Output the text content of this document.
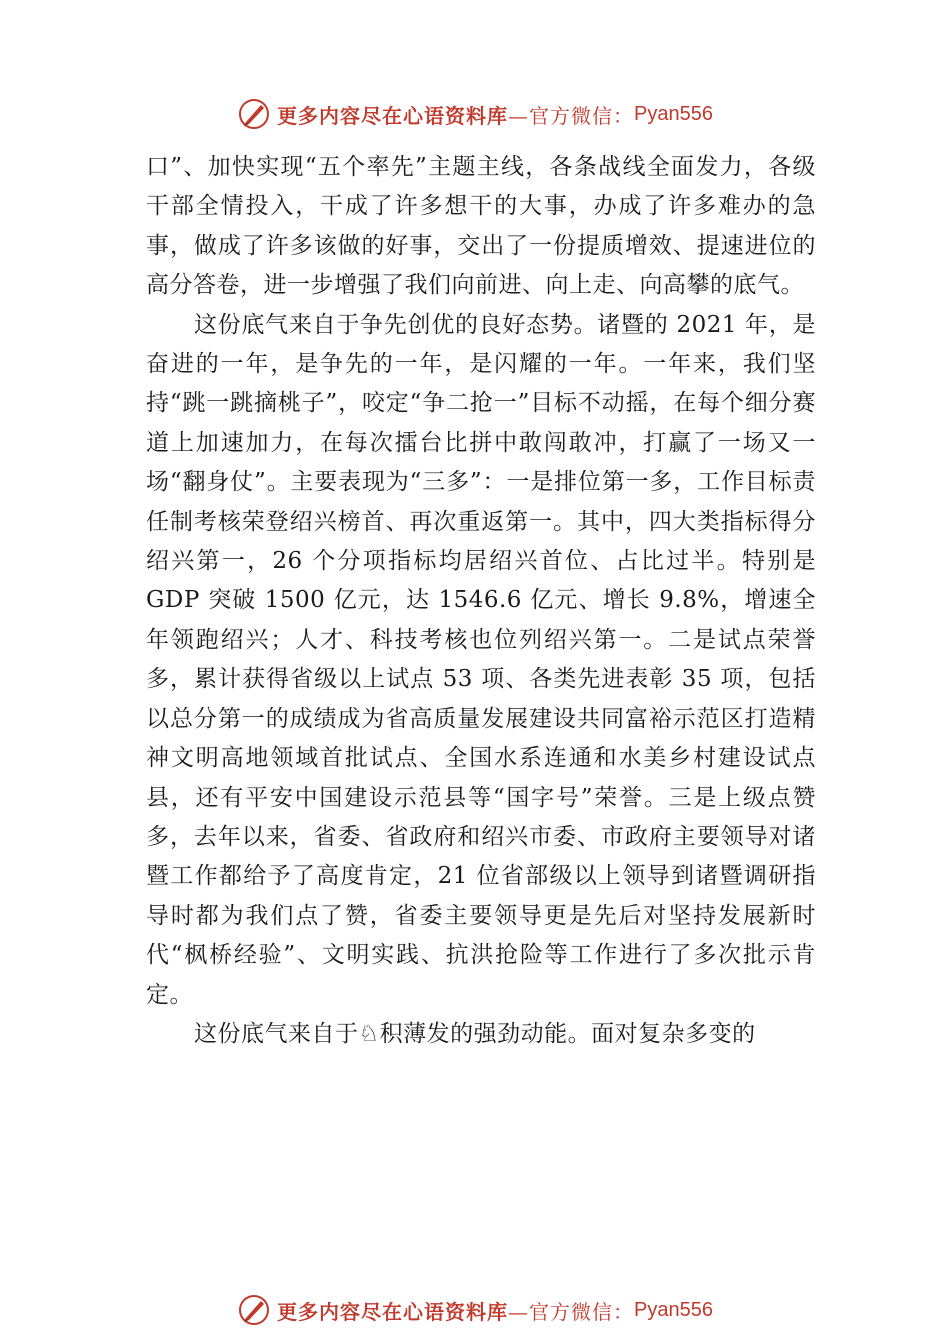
更多内容尽在心语资料库 —官方微信： Pyan556

口”、加快实现“五个率先”主题主线，各条战线全面发力，各级干部全情投入，干成了许多想干的大事，办成了许多难办的急事，做成了许多该做的好事，交出了一份提质增效、提速进位的高分答卷，进一步增强了我们向前进、向上走、向高攀的底气。

这份底气来自于争先创优的良好态势。诸暨的 2021 年，是奋进的一年，是争先的一年，是闪耀的一年。一年来，我们坚持“跳一跳摘桃子”，咬定“争二抢一”目标不动摇，在每个细分赛道上加速加力，在每次擂台比拼中敢闯敢冲，打赢了一场又一场“翻身仗”。主要表现为“三多”：一是排位第一多，工作目标责任制考核荣登绍兴榜首、再次重返第一。其中，四大类指标得分绍兴第一，26 个分项指标均居绍兴首位、占比过半。特别是 GDP 突破 1500 亿元，达 1546.6 亿元、增长 9.8%，增速全年领跑绍兴；人才、科技考核也位列绍兴第一。二是试点荣誉多，累计获得省级以上试点 53 项、各类先进表彰 35 项，包括以总分第一的成绩成为省高质量发展建设共同富裕示范区打造精神文明高地领域首批试点、全国水系连通和水美乡村建设试点县，还有平安中国建设示范县等“国字号”荣誉。三是上级点赞多，去年以来，省委、省政府和绍兴市委、市政府主要领导对诸暨工作都给予了高度肯定，21 位省部级以上领导到诸暨调研指导时都为我们点了赞，省委主要领导更是先后对坚持发展新时代“枫桥经验”、文明实践、抗洪抢险等工作进行了多次批示肯定。

这份底气来自于♘积薄发的强劲动能。面对复杂多变的

更多内容尽在心语资料库 —官方微信： Pyan556
